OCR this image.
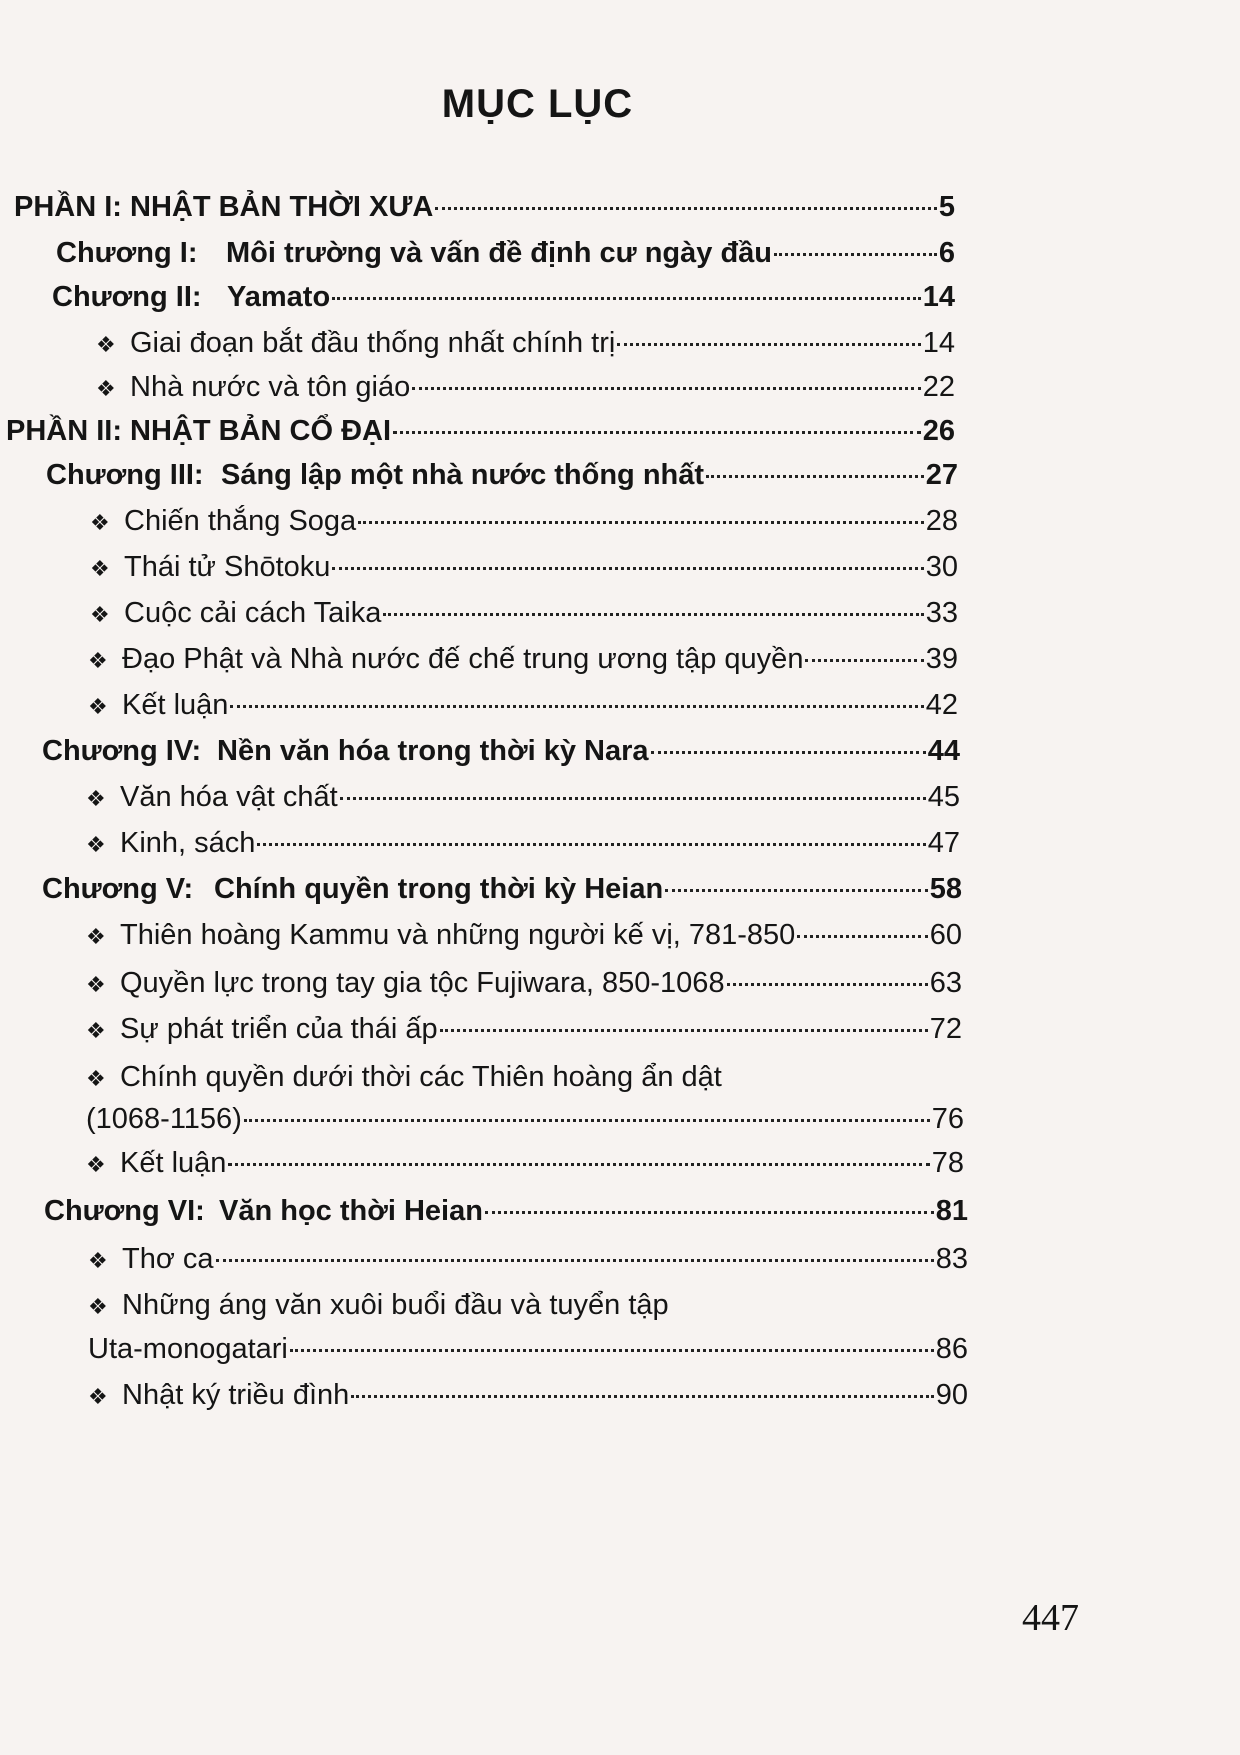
MỤC LỤC
PHẦN I: NHẬT BẢN THỜI XƯA	5
Chương I: Môi trường và vấn đề định cư ngày đầu	6
Chương II: Yamato	14
❖ Giai đoạn bắt đầu thống nhất chính trị	14
❖ Nhà nước và tôn giáo	22
PHẦN II: NHẬT BẢN CỔ ĐẠI	26
Chương III: Sáng lập một nhà nước thống nhất	27
❖ Chiến thắng Soga	28
❖ Thái tử Shōtoku	30
❖ Cuộc cải cách Taika	33
❖ Đạo Phật và Nhà nước đế chế trung ương tập quyền	39
❖ Kết luận	42
Chương IV: Nền văn hóa trong thời kỳ Nara	44
❖ Văn hóa vật chất	45
❖ Kinh, sách	47
Chương V: Chính quyền trong thời kỳ Heian	58
❖ Thiên hoàng Kammu và những người kế vị, 781-850	60
❖ Quyền lực trong tay gia tộc Fujiwara, 850-1068	63
❖ Sự phát triển của thái ấp	72
❖ Chính quyền dưới thời các Thiên hoàng ẩn dật
(1068-1156)	76
❖ Kết luận	78
Chương VI: Văn học thời Heian	81
❖ Thơ ca	83
❖ Những áng văn xuôi buổi đầu và tuyển tập
Uta-monogatari	86
❖ Nhật ký triều đình	90
447
